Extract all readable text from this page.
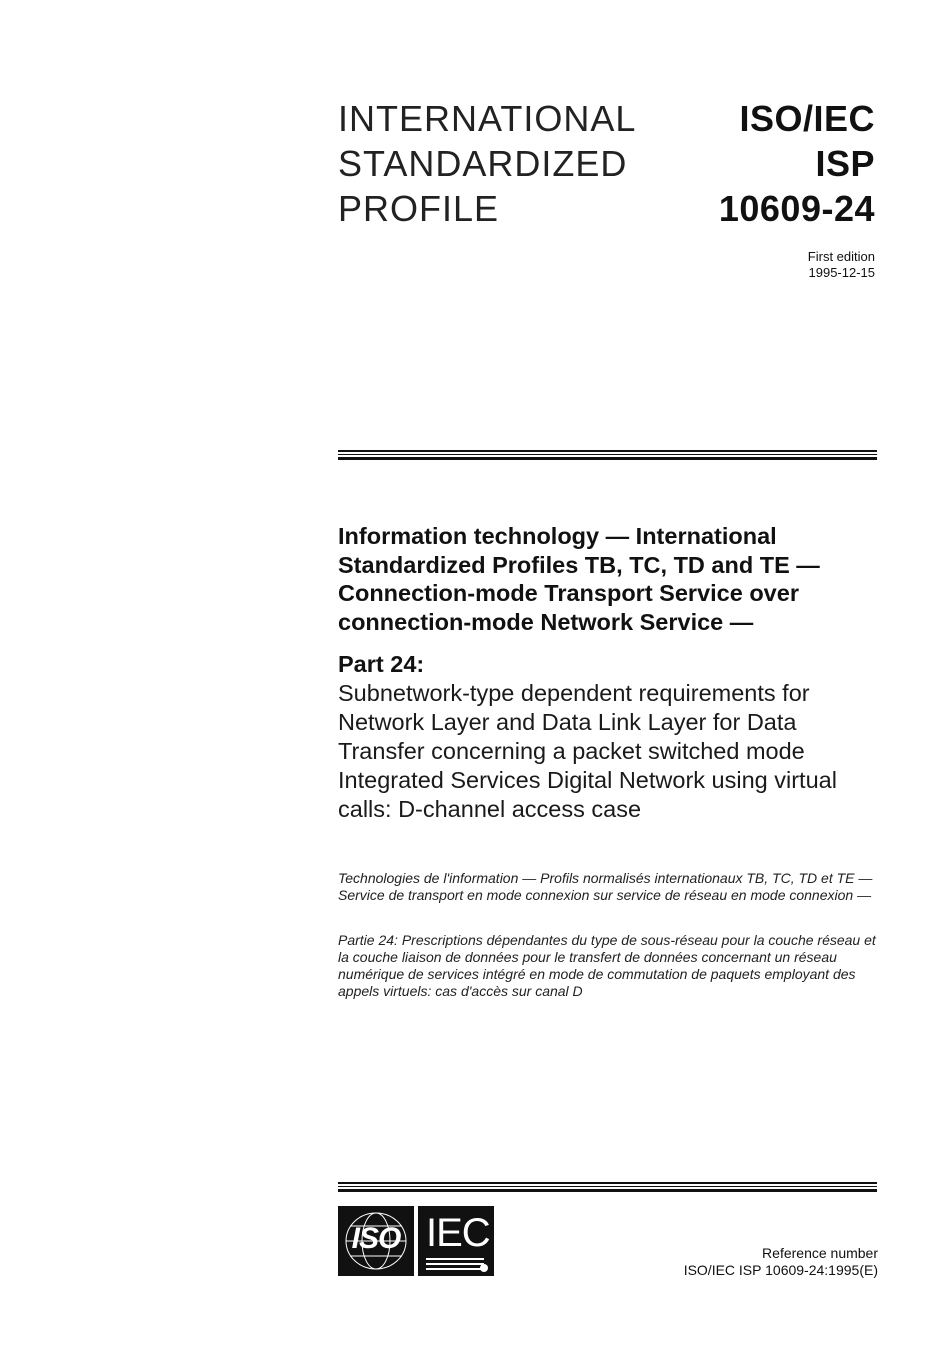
INTERNATIONAL
STANDARDIZED
PROFILE
ISO/IEC
ISP
10609-24
First edition
1995-12-15
Information technology — International Standardized Profiles TB, TC, TD and TE — Connection-mode Transport Service over connection-mode Network Service —
Part 24:
Subnetwork-type dependent requirements for Network Layer and Data Link Layer for Data Transfer concerning a packet switched mode Integrated Services Digital Network using virtual calls: D-channel access case
Technologies de l'information — Profils normalisés internationaux TB, TC, TD et TE — Service de transport en mode connexion sur service de réseau en mode connexion —
Partie 24: Prescriptions dépendantes du type de sous-réseau pour la couche réseau et la couche liaison de données pour le transfert de données concernant un réseau numérique de services intégré en mode de commutation de paquets employant des appels virtuels: cas d'accès sur canal D
ISO IEC	Reference number
ISO/IEC ISP 10609-24:1995(E)
